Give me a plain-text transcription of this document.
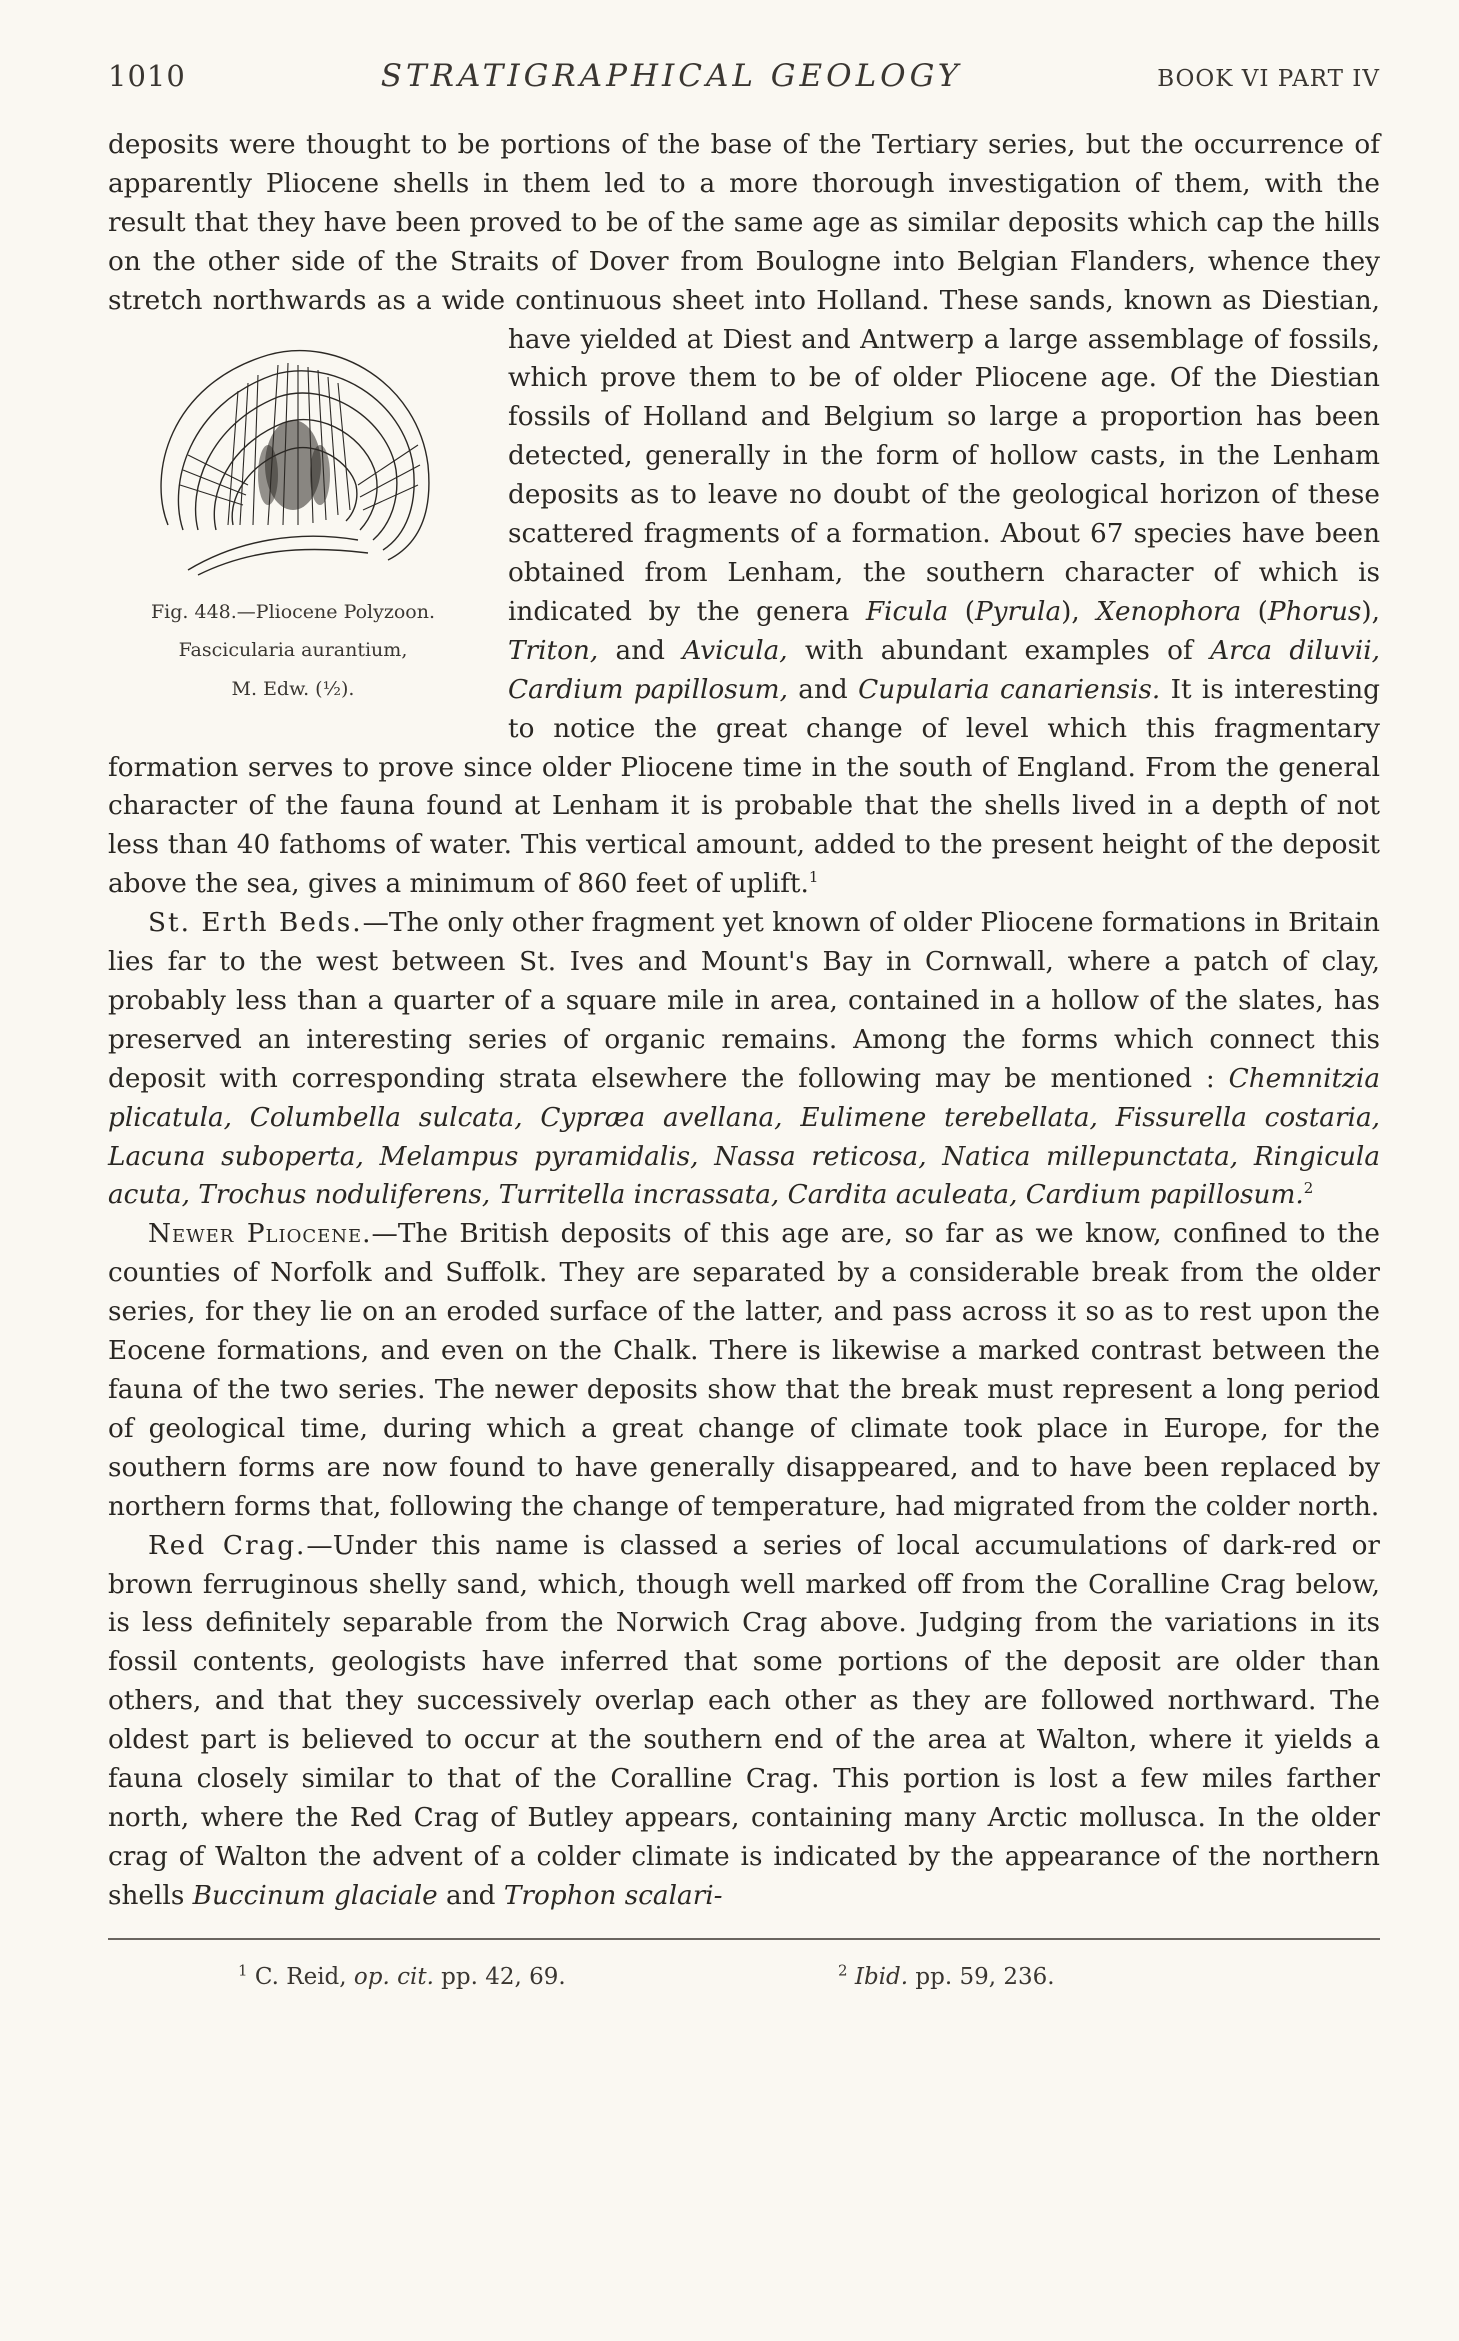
1010	STRATIGRAPHICAL GEOLOGY	BOOK VI PART IV

deposits were thought to be portions of the base of the Tertiary series, but the occurrence of apparently Pliocene shells in them led to a more thorough investigation of them, with the result that they have been proved to be of the same age as similar deposits which cap the hills on the other side of the Straits of Dover from Boulogne into Belgian Flanders, whence they stretch northwards as a wide continuous sheet into Holland. These sands, known as Diestian, have yielded at Diest and Antwerp a large
Fig. 448.—Pliocene Polyzoon.
Fascicularia aurantium,
M. Edw. (½).
assemblage of fossils, which prove them to be of older Pliocene age. Of the Diestian fossils of Holland and Belgium so large a proportion has been detected, generally in the form of hollow casts, in the Lenham deposits as to leave no doubt of the geological horizon of these scattered fragments of a formation. About 67 species have been obtained from Lenham, the southern character of which is indicated by the genera Ficula (Pyrula), Xenophora (Phorus), Triton, and Avicula, with abundant examples of Arca diluvii, Cardium papillosum, and Cupularia canariensis. It is interesting to notice the great change of level which this fragmentary formation serves to prove since older Pliocene time in the south of England. From the general character of the fauna found at Lenham it is probable that the shells lived in a depth of not less than 40 fathoms of water. This vertical amount, added to the present height of the deposit above the sea, gives a minimum of 860 feet of uplift.$^1$

St. Erth Beds.—The only other fragment yet known of older Pliocene formations in Britain lies far to the west between St. Ives and Mount's Bay in Cornwall, where a patch of clay, probably less than a quarter of a square mile in area, contained in a hollow of the slates, has preserved an interesting series of organic remains. Among the forms which connect this deposit with corresponding strata elsewhere the following may be mentioned : Chemnitzia plicatula, Columbella sulcata, Cypræa avellana, Eulimene terebellata, Fissurella costaria, Lacuna suboperta, Melampus pyramidalis, Nassa reticosa, Natica millepunctata, Ringicula acuta, Trochus noduliferens, Turritella incrassata, Cardita aculeata, Cardium papillosum.$^2$

Newer Pliocene.—The British deposits of this age are, so far as we know, confined to the counties of Norfolk and Suffolk. They are separated by a considerable break from the older series, for they lie on an eroded surface of the latter, and pass across it so as to rest upon the Eocene formations, and even on the Chalk. There is likewise a marked contrast between the fauna of the two series. The newer deposits show that the break must represent a long period of geological time, during which a great change of climate took place in Europe, for the southern forms are now found to have generally disappeared, and to have been replaced by northern forms that, following the change of temperature, had migrated from the colder north.

Red Crag.—Under this name is classed a series of local accumulations of dark-red or brown ferruginous shelly sand, which, though well marked off from the Coralline Crag below, is less definitely separable from the Norwich Crag above. Judging from the variations in its fossil contents, geologists have inferred that some portions of the deposit are older than others, and that they successively overlap each other as they are followed northward. The oldest part is believed to occur at the southern end of the area at Walton, where it yields a fauna closely similar to that of the Coralline Crag. This portion is lost a few miles farther north, where the Red Crag of Butley appears, containing many Arctic mollusca. In the older crag of Walton the advent of a colder climate is indicated by the appearance of the northern shells Buccinum glaciale and Trophon scalari-

$^1$ C. Reid, op. cit. pp. 42, 69.	$^2$ Ibid. pp. 59, 236.
